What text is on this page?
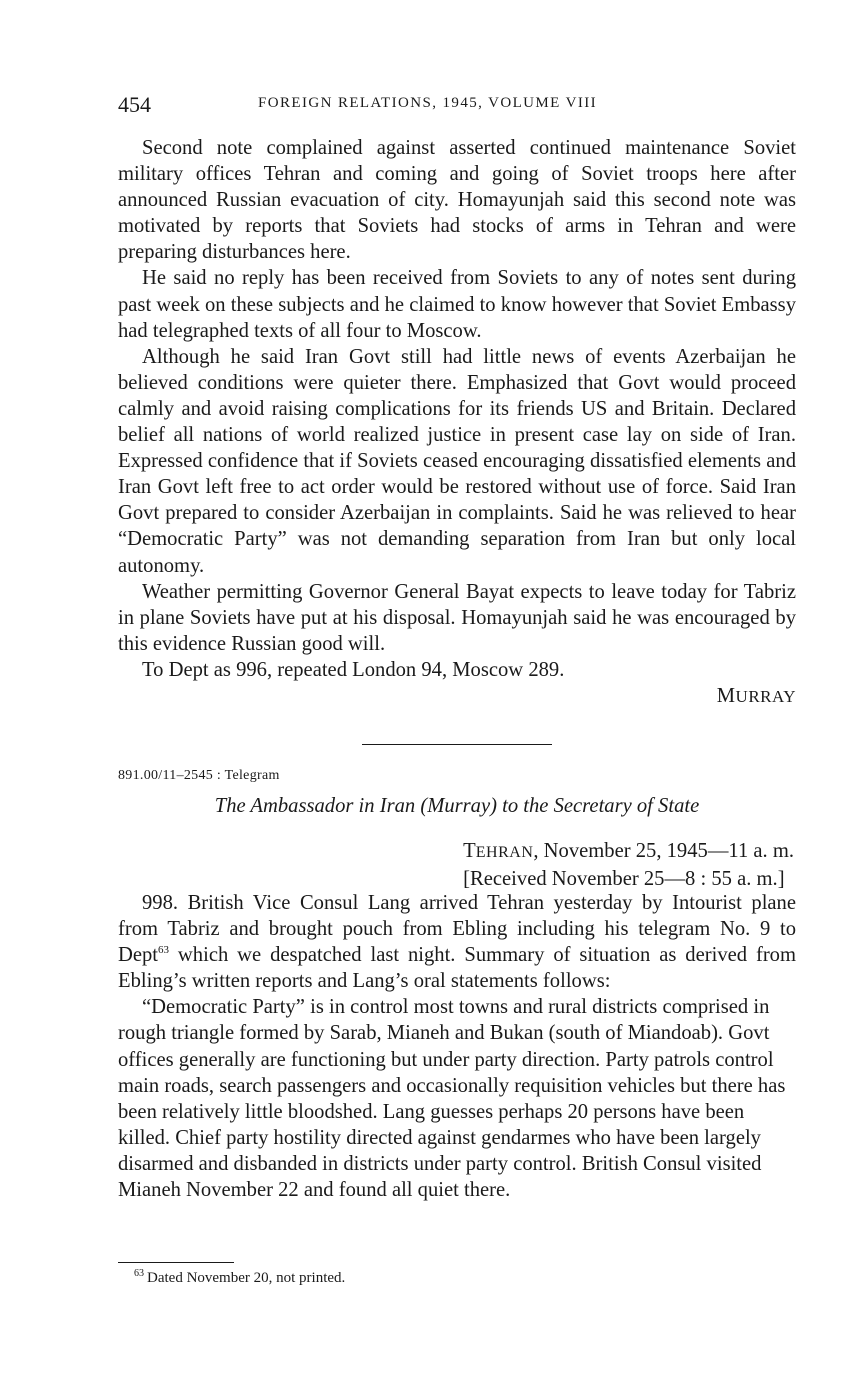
454	FOREIGN RELATIONS, 1945, VOLUME VIII

Second note complained against asserted continued maintenance Soviet military offices Tehran and coming and going of Soviet troops here after announced Russian evacuation of city. Homayunjah said this second note was motivated by reports that Soviets had stocks of arms in Tehran and were preparing disturbances here.

He said no reply has been received from Soviets to any of notes sent during past week on these subjects and he claimed to know however that Soviet Embassy had telegraphed texts of all four to Moscow.

Although he said Iran Govt still had little news of events Azerbaijan he believed conditions were quieter there. Emphasized that Govt would proceed calmly and avoid raising complications for its friends US and Britain. Declared belief all nations of world realized justice in present case lay on side of Iran. Expressed confidence that if Soviets ceased encouraging dissatisfied elements and Iran Govt left free to act order would be restored without use of force. Said Iran Govt prepared to consider Azerbaijan in complaints. Said he was relieved to hear “Democratic Party” was not demanding separation from Iran but only local autonomy.

Weather permitting Governor General Bayat expects to leave today for Tabriz in plane Soviets have put at his disposal. Homayunjah said he was encouraged by this evidence Russian good will.

To Dept as 996, repeated London 94, Moscow 289.

MURRAY

891.00/11–2545 : Telegram
The Ambassador in Iran (Murray) to the Secretary of State
TEHRAN, November 25, 1945—11 a. m.
[Received November 25—8 : 55 a. m.]

998. British Vice Consul Lang arrived Tehran yesterday by Intourist plane from Tabriz and brought pouch from Ebling including his telegram No. 9 to Dept$^{63}$ which we despatched last night. Summary of situation as derived from Ebling’s written reports and Lang’s oral statements follows:

“Democratic Party” is in control most towns and rural districts comprised in rough triangle formed by Sarab, Mianeh and Bukan (south of Miandoab). Govt offices generally are functioning but under party direction. Party patrols control main roads, search passengers and occasionally requisition vehicles but there has been relatively little bloodshed. Lang guesses perhaps 20 persons have been killed. Chief party hostility directed against gendarmes who have been largely disarmed and disbanded in districts under party control. British Consul visited Mianeh November 22 and found all quiet there.

$^{63}$ Dated November 20, not printed.
